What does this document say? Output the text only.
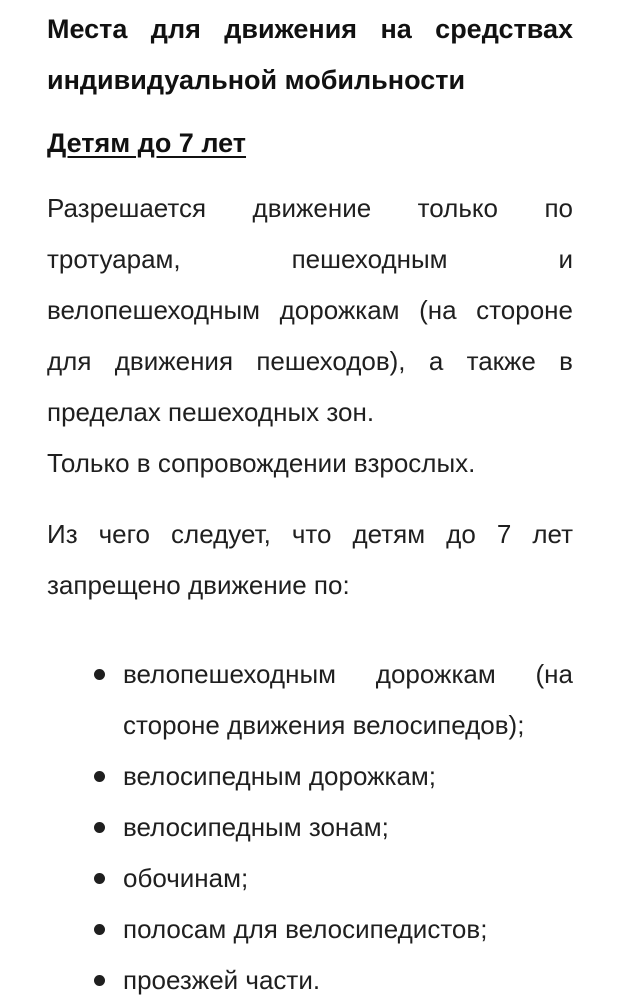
Места для движения на средствах индивидуальной мобильности
Детям до 7 лет

Разрешается движение только по тротуарам, пешеходным и велопешеходным дорожкам (на стороне для движения пешеходов), а также в пределах пешеходных зон.

Только в сопровождении взрослых.

Из чего следует, что детям до 7 лет запрещено движение по:

велопешеходным дорожкам (на стороне движения велосипедов);
велосипедным дорожкам;
велосипедным зонам;
обочинам;
полосам для велосипедистов;
проезжей части.
